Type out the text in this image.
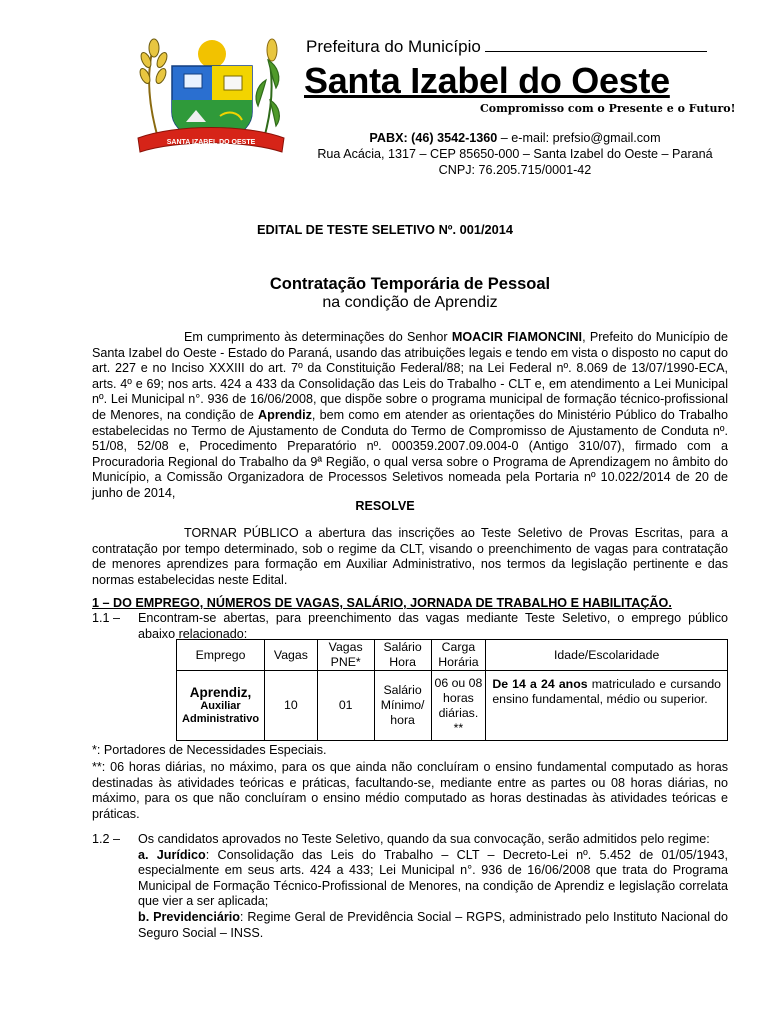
SANTA IZABEL DO OESTE
Prefeitura do Município
Santa Izabel do Oeste
Compromisso com o Presente e o Futuro!
PABX: (46) 3542-1360 – e-mail: prefsio@gmail.com
Rua Acácia, 1317 – CEP 85650-000 – Santa Izabel do Oeste – Paraná
CNPJ: 76.205.715/0001-42
EDITAL DE TESTE SELETIVO Nº. 001/2014
Contratação Temporária de Pessoal
na condição de Aprendiz
Em cumprimento às determinações do Senhor MOACIR FIAMONCINI, Prefeito do Município de Santa Izabel do Oeste - Estado do Paraná, usando das atribuições legais e tendo em vista o disposto no caput do art. 227 e no Inciso XXXIII do art. 7º da Constituição Federal/88; na Lei Federal nº. 8.069 de 13/07/1990-ECA, arts. 4º e 69; nos arts. 424 a 433 da Consolidação das Leis do Trabalho - CLT e, em atendimento a Lei Municipal nº. Lei Municipal n°. 936 de 16/06/2008, que dispõe sobre o programa municipal de formação técnico-profissional de Menores, na condição de Aprendiz, bem como em atender as orientações do Ministério Público do Trabalho estabelecidas no Termo de Ajustamento de Conduta do Termo de Compromisso de Ajustamento de Conduta nº. 51/08, 52/08 e, Procedimento Preparatório nº. 000359.2007.09.004-0 (Antigo 310/07), firmado com a Procuradoria Regional do Trabalho da 9ª Região, o qual versa sobre o Programa de Aprendizagem no âmbito do Município, a Comissão Organizadora de Processos Seletivos nomeada pela Portaria nº 10.022/2014 de 20 de junho de 2014,
RESOLVE
TORNAR PÚBLICO a abertura das inscrições ao Teste Seletivo de Provas Escritas, para a contratação por tempo determinado, sob o regime da CLT, visando o preenchimento de vagas para contratação de menores aprendizes para formação em Auxiliar Administrativo, nos termos da legislação pertinente e das normas estabelecidas neste Edital.
1 – DO EMPREGO, NÚMEROS DE VAGAS, SALÁRIO, JORNADA DE TRABALHO E HABILITAÇÃO.
1.1 – Encontram-se abertas, para preenchimento das vagas mediante Teste Seletivo, o emprego público abaixo relacionado:
Emprego	Vagas	Vagas PNE*	Salário Hora	Carga Horária	Idade/Escolaridade

Aprendiz,
Auxiliar Administrativo	10	01	Salário Mínimo/ hora	06 ou 08 horas diárias. **	De 14 a 24 anos matriculado e cursando ensino fundamental, médio ou superior.
*: Portadores de Necessidades Especiais.
**: 06 horas diárias, no máximo, para os que ainda não concluíram o ensino fundamental computado as horas destinadas às atividades teóricas e práticas, facultando-se, mediante entre as partes ou 08 horas diárias, no máximo, para os que não concluíram o ensino médio computado as horas destinadas às atividades teóricas e práticas.
1.2 – Os candidatos aprovados no Teste Seletivo, quando da sua convocação, serão admitidos pelo regime:
a. Jurídico: Consolidação das Leis do Trabalho – CLT – Decreto-Lei nº. 5.452 de 01/05/1943, especialmente em seus arts. 424 a 433; Lei Municipal n°. 936 de 16/06/2008 que trata do Programa Municipal de Formação Técnico-Profissional de Menores, na condição de Aprendiz e legislação correlata que vier a ser aplicada;
b. Previdenciário: Regime Geral de Previdência Social – RGPS, administrado pelo Instituto Nacional do Seguro Social – INSS.
